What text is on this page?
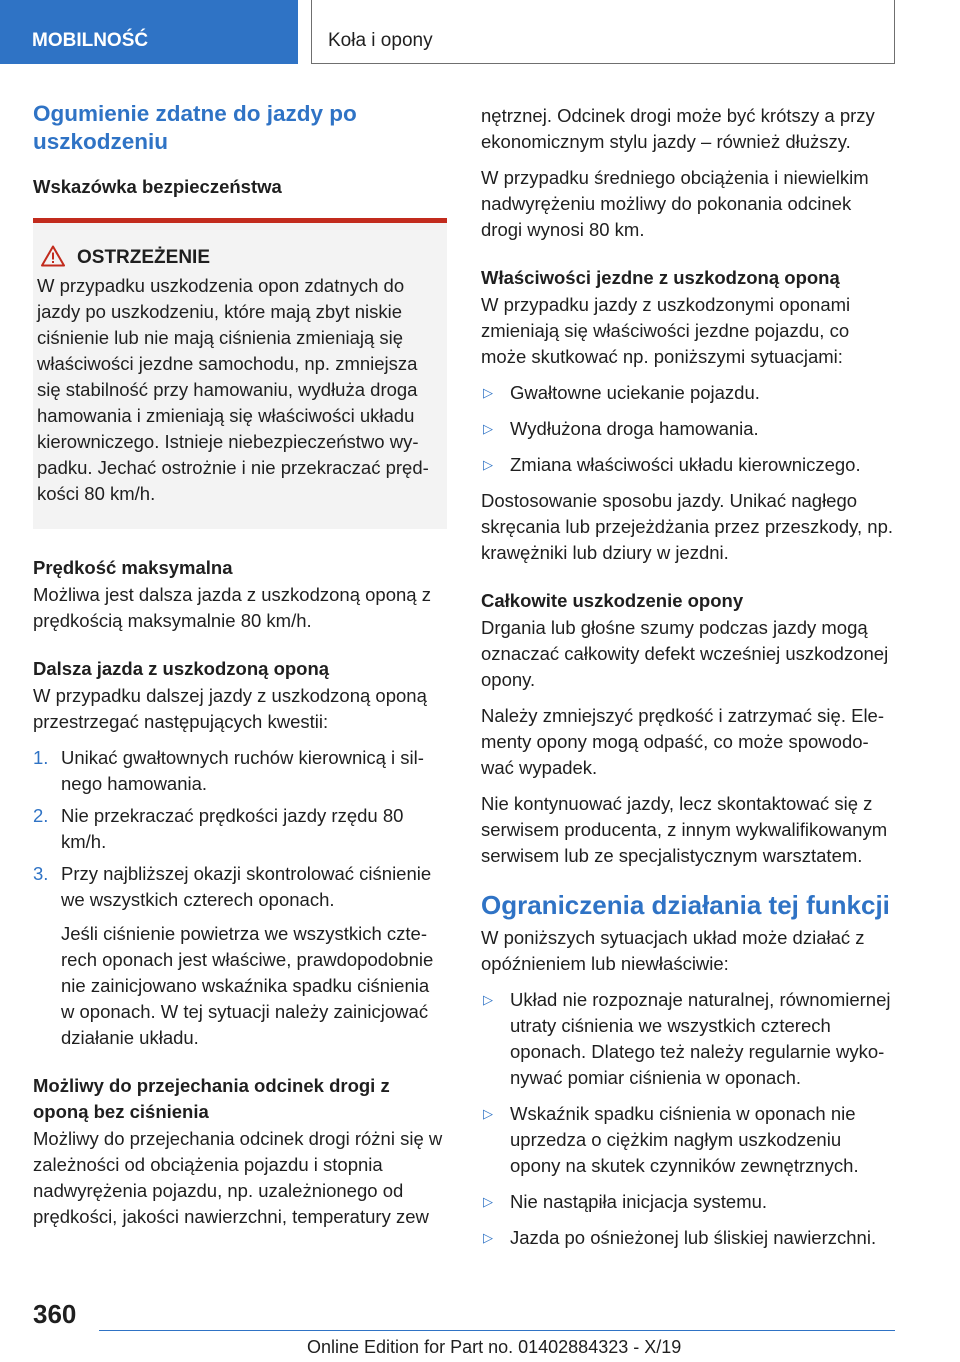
MOBILNOŚĆ	Koła i opony
Ogumienie zdatne do jazdy po uszkodzeniu
Wskazówka bezpieczeństwa
OSTRZEŻENIE
W przypadku uszkodzenia opon zdatnych do jazdy po uszkodzeniu, które mają zbyt niskie ciśnienie lub nie mają ciśnienia zmieniają się właściwości jezdne samochodu, np. zmniejsza się stabilność przy hamowaniu, wydłuża droga hamowania i zmieniają się właściwości układu kierowniczego. Istnieje niebezpieczeństwo wypadku. Jechać ostrożnie i nie przekraczać prędkości 80 km/h.
Prędkość maksymalna

Możliwa jest dalsza jazda z uszkodzoną oponą z prędkością maksymalnie 80 km/h.

Dalsza jazda z uszkodzoną oponą

W przypadku dalszej jazdy z uszkodzoną oponą przestrzegać następujących kwestii:

1. Unikać gwałtownych ruchów kierownicą i silnego hamowania.
2. Nie przekraczać prędkości jazdy rzędu 80 km/h.
3. Przy najbliższej okazji skontrolować ciśnienie we wszystkich czterech oponach.

Jeśli ciśnienie powietrza we wszystkich czterech oponach jest właściwe, prawdopodobnie nie zainicjowano wskaźnika spadku ciśnienia w oponach. W tej sytuacji należy zainicjować działanie układu.

Możliwy do przejechania odcinek drogi z oponą bez ciśnienia

Możliwy do przejechania odcinek drogi różni się w zależności od obciążenia pojazdu i stopnia nadwyrężenia pojazdu, np. uzależnionego od prędkości, jakości nawierzchni, temperatury zew

nętrznej. Odcinek drogi może być krótszy a przy ekonomicznym stylu jazdy – również dłuższy.

W przypadku średniego obciążenia i niewielkim nadwyrężeniu możliwy do pokonania odcinek drogi wynosi 80 km.

Właściwości jezdne z uszkodzoną oponą

W przypadku jazdy z uszkodzonymi oponami zmieniają się właściwości jezdne pojazdu, co może skutkować np. poniższymi sytuacjami:

▷ Gwałtowne uciekanie pojazdu.
▷ Wydłużona droga hamowania.
▷ Zmiana właściwości układu kierowniczego.

Dostosowanie sposobu jazdy. Unikać nagłego skręcania lub przejeżdżania przez przeszkody, np. krawężniki lub dziury w jezdni.

Całkowite uszkodzenie opony

Drgania lub głośne szumy podczas jazdy mogą oznaczać całkowity defekt wcześniej uszkodzonej opony.

Należy zmniejszyć prędkość i zatrzymać się. Elementy opony mogą odpaść, co może spowodować wypadek.

Nie kontynuować jazdy, lecz skontaktować się z serwisem producenta, z innym wykwalifikowanym serwisem lub ze specjalistycznym warsztatem.

Ograniczenia działania tej funkcji

W poniższych sytuacjach układ może działać z opóźnieniem lub niewłaściwie:

▷ Układ nie rozpoznaje naturalnej, równomiernej utraty ciśnienia we wszystkich czterech oponach. Dlatego też należy regularnie wykonywać pomiar ciśnienia w oponach.
▷ Wskaźnik spadku ciśnienia w oponach nie uprzedza o ciężkim nagłym uszkodzeniu opony na skutek czynników zewnętrznych.
▷ Nie nastąpiła inicjacja systemu.
▷ Jazda po ośnieżonej lub śliskiej nawierzchni.
360
Online Edition for Part no. 01402884323 - X/19
